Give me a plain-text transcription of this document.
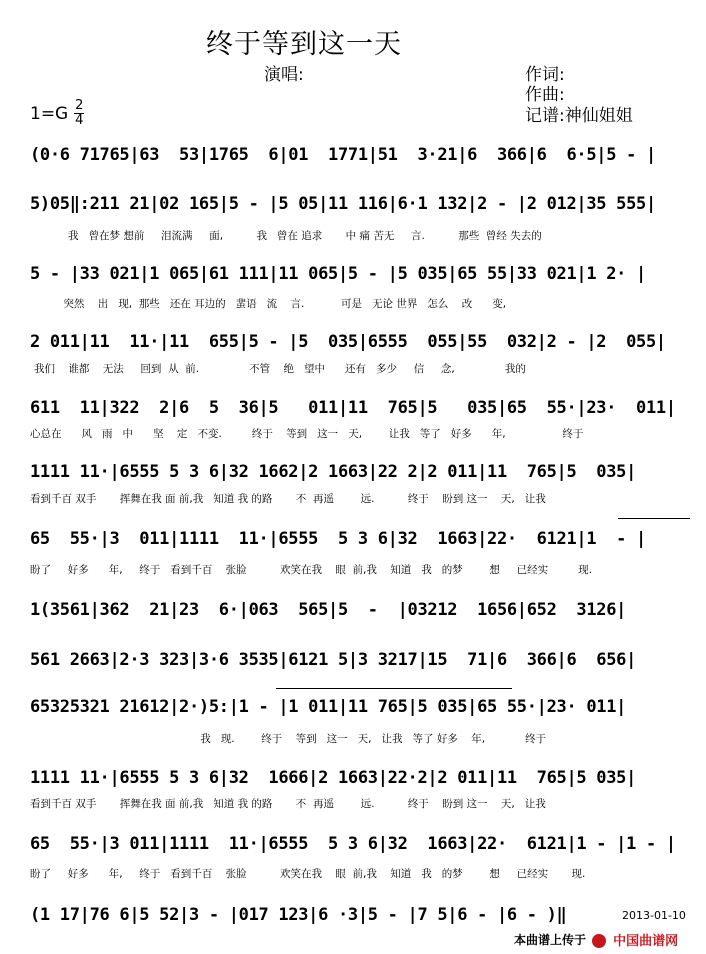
终于等到这一天
演唱:	作词:
作曲:
记谱:神仙姐姐
$1=G \frac{2}{4}$
(0·6 71765|63  53|1765  6|01  1771|51  3·21|6  366|6  6·5|5 - |
5)05‖:211 21|02 165|5 - |5 05|11 116|6·1 132|2 - |2 012|35 555|
我   曾在梦 想前     泪流满     面,          我   曾在 追求       中 痛 苦无     言.          那些  曾经 失去的
5 - |33 021|1 065|61 111|11 065|5 - |5 035|65 55|33 021|1 2· |
突然    出   现,  那些   还在 耳边的   蜚语   流    言.           可是   无论 世界   怎么    改      变,
2 011|11  11·|11  655|5 - |5  035|6555  055|55  032|2 - |2  055|
我们    谁都    无法     回到  从  前.               不管    绝   望中      还有   多少     信     念,               我的
611  11|322  2|6  5  36|5   011|11  765|5   035|65  55·|23·  011|
心总在      风   雨   中      坚    定   不变.         终于    等到   这一   天,        让我   等了   好多      年,                 终于
1111 11·|6555 5 3 6|32 1662|2 1663|22 2|2 011|11  765|5  035|
看到千百 双手       挥舞在我 面 前,我   知道 我 的路       不  再遥        远.          终于    盼到 这一    天,   让我
65  55·|3  011|1111  11·|6555  5 3 6|32  1663|22·  6121|1  - |
盼了     好多      年,     终于   看到千百    张脸          欢笑在我    眼  前,我    知道   我   的梦        想     已经实         现.
1(3561|362  21|23  6·|063  565|5  -  |03212  1656|652  3126|
561 2663|2·3 323|3·6 3535|6121 5|3 3217|15  71|6  366|6  656|
65325321 21612|2·)5:|1 - |1 011|11 765|5 035|65 55·|23· 011|
我   现.        终于    等到   这一   天,   让我   等了 好多    年,            终于
1111 11·|6555 5 3 6|32  1666|2 1663|22·2|2 011|11  765|5 035|
看到千百 双手       挥舞在我 面 前,我   知道 我 的路       不  再遥        远.          终于    盼到 这一    天,   让我
65  55·|3 011|1111  11·|6555  5 3 6|32  1663|22·  6121|1 - |1 - |
盼了     好多      年,     终于   看到千百    张脸          欢笑在我    眼  前,我    知道   我   的梦        想     已经实       现.
(1 17|76 6|5 52|3 - |017 123|6 ·3|5 - |7 5|6 - |6 - )‖	2013-01-10
本曲谱上传于	中国曲谱网
